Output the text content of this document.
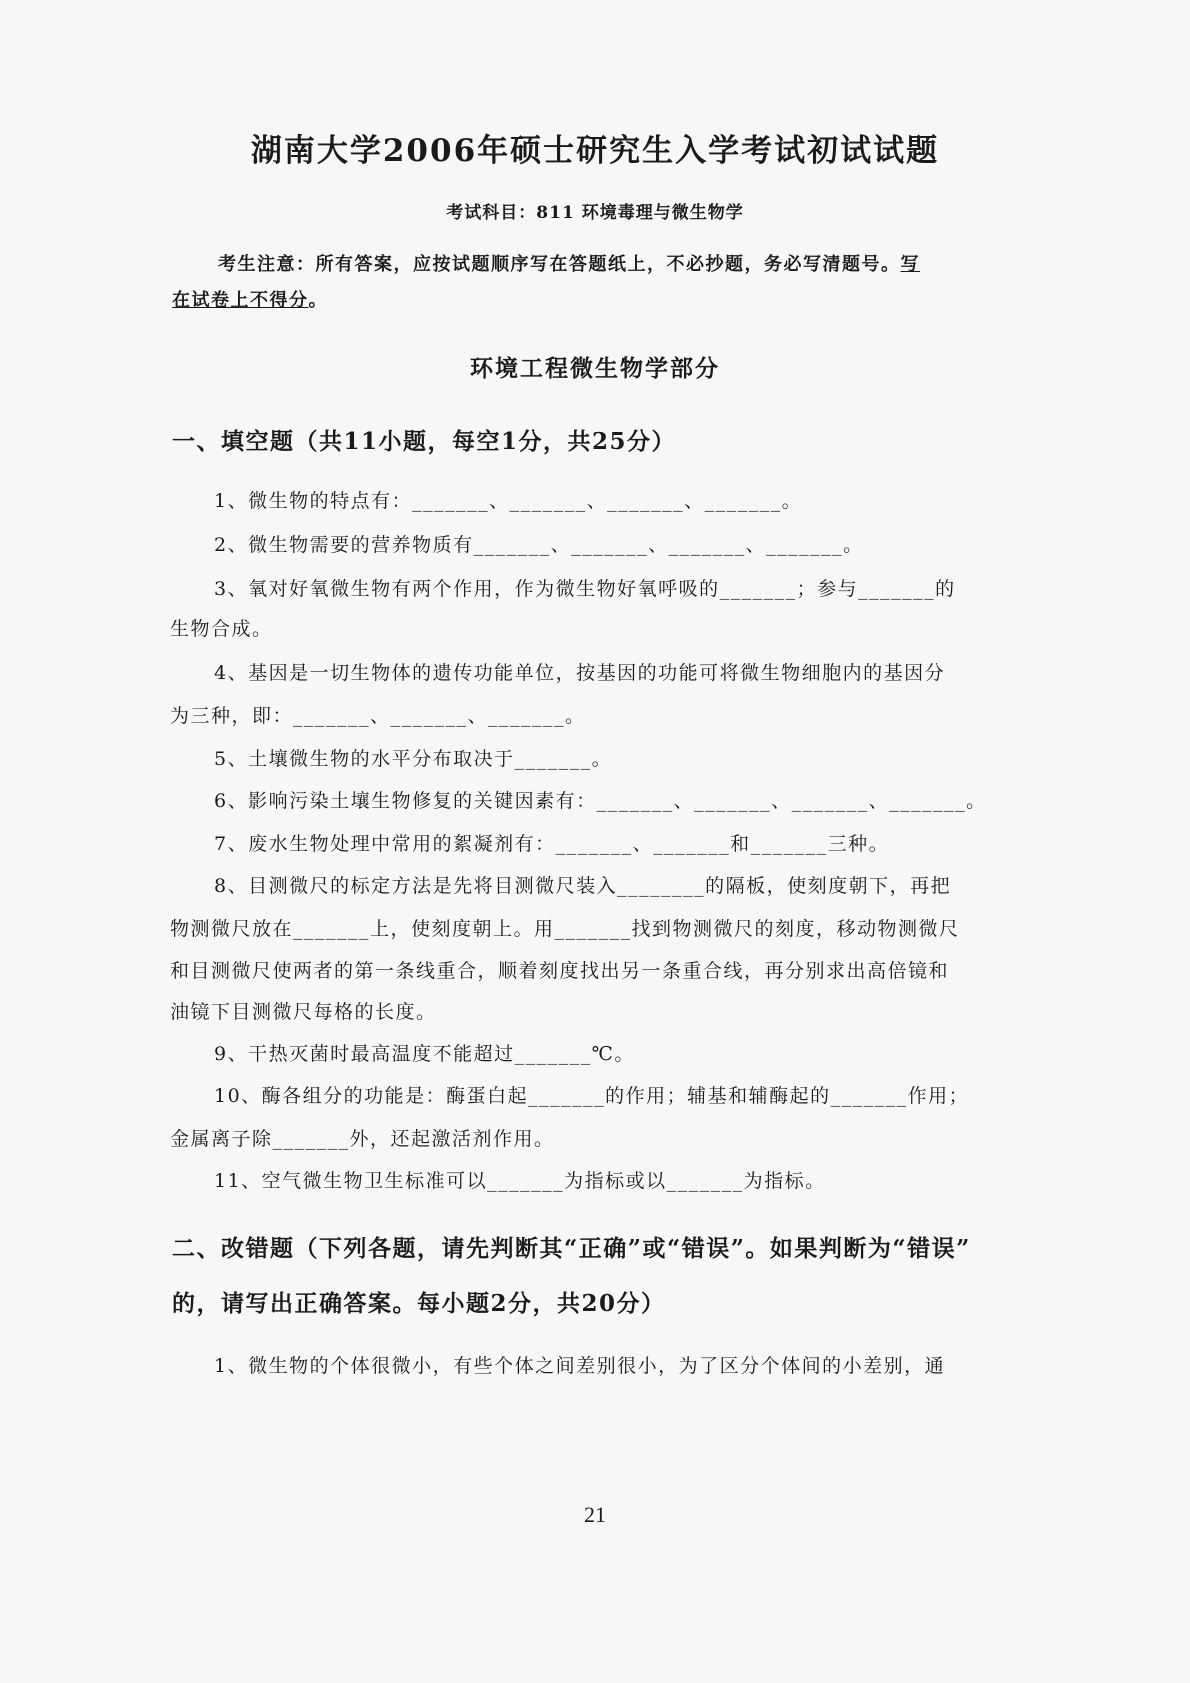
湖南大学2006年硕士研究生入学考试初试试题
考试科目：811 环境毒理与微生物学
考生注意：所有答案，应按试题顺序写在答题纸上，不必抄题，务必写清题号。写
在试卷上不得分。
环境工程微生物学部分
一、填空题（共11小题，每空1分，共25分）
1、微生物的特点有：_______、_______、_______、_______。
2、微生物需要的营养物质有_______、_______、_______、_______。
3、氧对好氧微生物有两个作用，作为微生物好氧呼吸的_______；参与_______的
生物合成。
4、基因是一切生物体的遗传功能单位，按基因的功能可将微生物细胞内的基因分
为三种，即：_______、_______、_______。
5、土壤微生物的水平分布取决于_______。
6、影响污染土壤生物修复的关键因素有：_______、_______、_______、_______。
7、废水生物处理中常用的絮凝剂有：_______、_______和_______三种。
8、目测微尺的标定方法是先将目测微尺装入________的隔板，使刻度朝下，再把
物测微尺放在_______上，使刻度朝上。用_______找到物测微尺的刻度，移动物测微尺
和目测微尺使两者的第一条线重合，顺着刻度找出另一条重合线，再分别求出高倍镜和
油镜下目测微尺每格的长度。
9、干热灭菌时最高温度不能超过_______℃。
10、酶各组分的功能是：酶蛋白起_______的作用；辅基和辅酶起的_______作用；
金属离子除_______外，还起激活剂作用。
11、空气微生物卫生标准可以_______为指标或以_______为指标。
二、改错题（下列各题，请先判断其“正确”或“错误”。如果判断为“错误”
的，请写出正确答案。每小题2分，共20分）
1、微生物的个体很微小，有些个体之间差别很小，为了区分个体间的小差别，通
21
